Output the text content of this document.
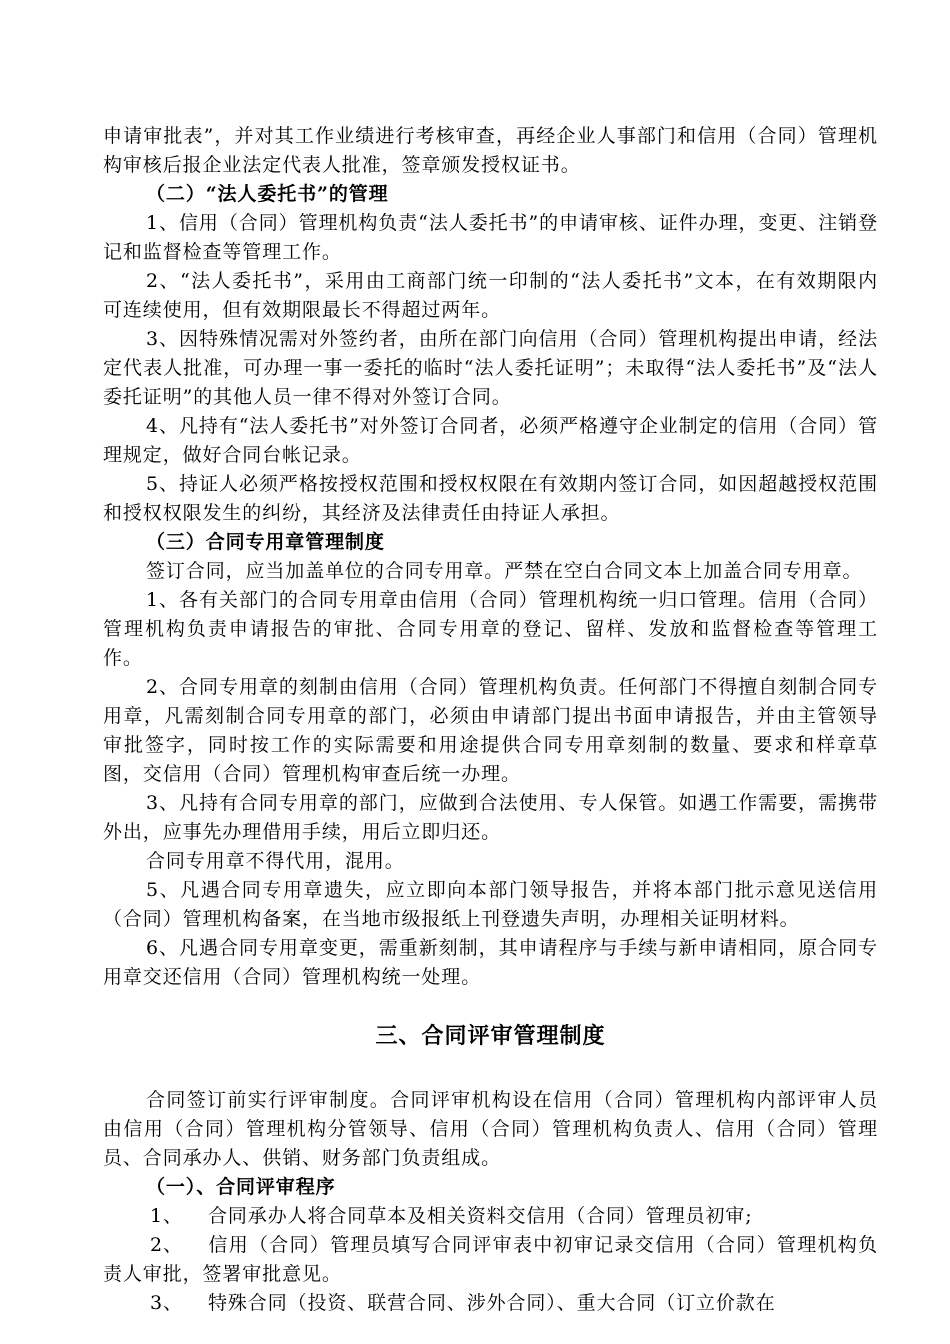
申请审批表”，并对其工作业绩进行考核审查，再经企业人事部门和信用（合同）管理机构审核后报企业法定代表人批准，签章颁发授权证书。

（二）“法人委托书”的管理

1、信用（合同）管理机构负责“法人委托书”的申请审核、证件办理，变更、注销登记和监督检查等管理工作。

2、“法人委托书”，采用由工商部门统一印制的“法人委托书”文本，在有效期限内可连续使用，但有效期限最长不得超过两年。

3、因特殊情况需对外签约者，由所在部门向信用（合同）管理机构提出申请，经法定代表人批准，可办理一事一委托的临时“法人委托证明”；未取得“法人委托书”及“法人委托证明”的其他人员一律不得对外签订合同。

4、凡持有“法人委托书”对外签订合同者，必须严格遵守企业制定的信用（合同）管理规定，做好合同台帐记录。

5、持证人必须严格按授权范围和授权权限在有效期内签订合同，如因超越授权范围和授权权限发生的纠纷，其经济及法律责任由持证人承担。

（三）合同专用章管理制度

签订合同，应当加盖单位的合同专用章。严禁在空白合同文本上加盖合同专用章。

1、各有关部门的合同专用章由信用（合同）管理机构统一归口管理。信用（合同）管理机构负责申请报告的审批、合同专用章的登记、留样、发放和监督检查等管理工作。

2、合同专用章的刻制由信用（合同）管理机构负责。任何部门不得擅自刻制合同专用章，凡需刻制合同专用章的部门，必须由申请部门提出书面申请报告，并由主管领导审批签字，同时按工作的实际需要和用途提供合同专用章刻制的数量、要求和样章草图，交信用（合同）管理机构审查后统一办理。

3、凡持有合同专用章的部门，应做到合法使用、专人保管。如遇工作需要，需携带外出，应事先办理借用手续，用后立即归还。

合同专用章不得代用，混用。

5、凡遇合同专用章遗失，应立即向本部门领导报告，并将本部门批示意见送信用（合同）管理机构备案，在当地市级报纸上刊登遗失声明，办理相关证明材料。

6、凡遇合同专用章变更，需重新刻制，其申请程序与手续与新申请相同，原合同专用章交还信用（合同）管理机构统一处理。

三、合同评审管理制度

合同签订前实行评审制度。合同评审机构设在信用（合同）管理机构内部评审人员由信用（合同）管理机构分管领导、信用（合同）管理机构负责人、信用（合同）管理员、合同承办人、供销、财务部门负责组成。

（一）、合同评审程序

1、 合同承办人将合同草本及相关资料交信用（合同）管理员初审;

2、 信用（合同）管理员填写合同评审表中初审记录交信用（合同）管理机构负责人审批，签署审批意见。

3、 特殊合同（投资、联营合同、涉外合同）、重大合同（订立价款在
